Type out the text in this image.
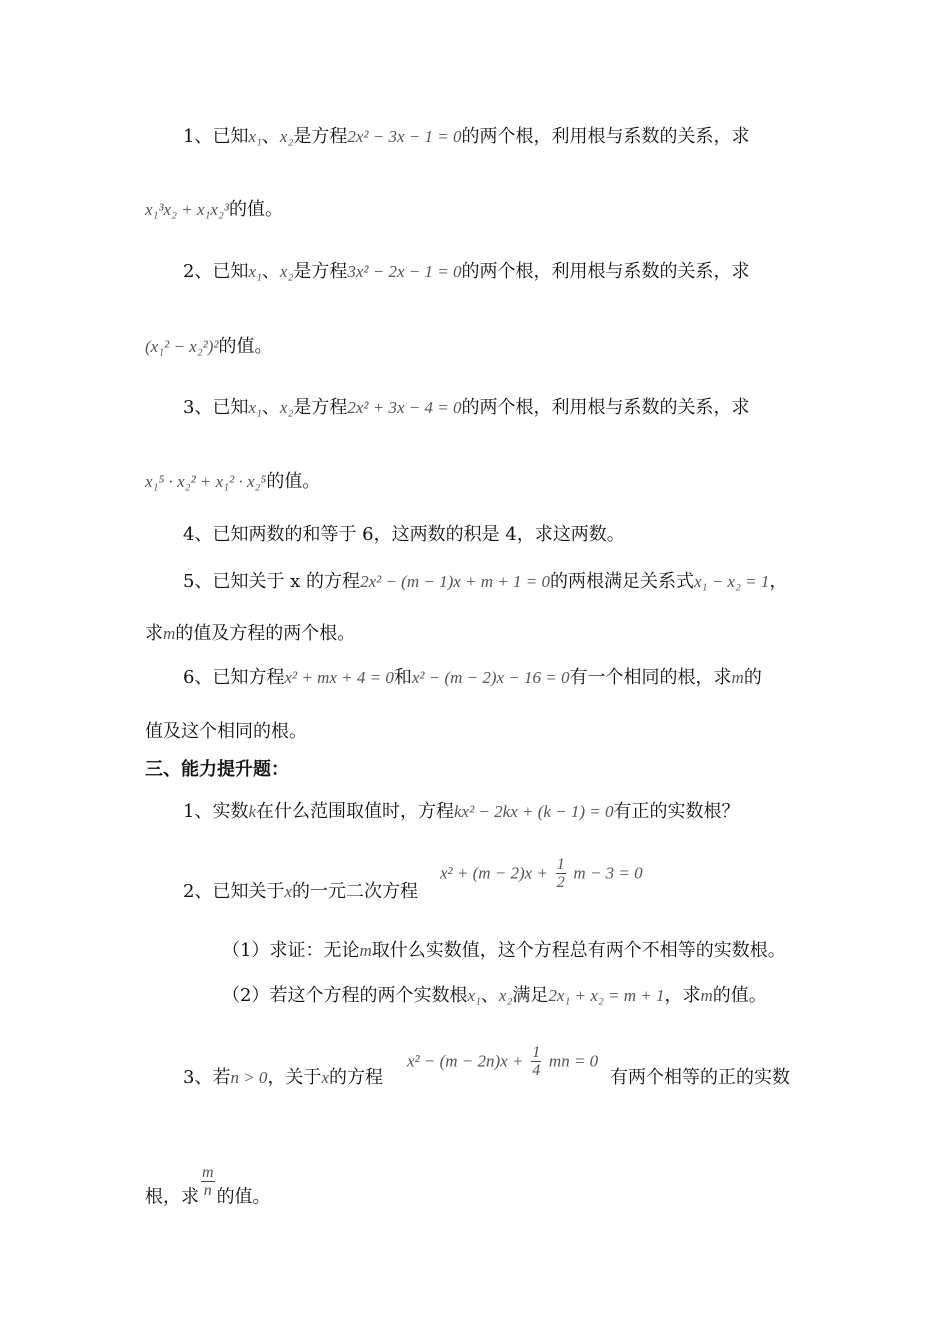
1、已知x₁、x₂是方程2x² − 3x − 1 = 0的两个根，利用根与系数的关系，求
x₁³x₂ + x₁x₂³的值。
2、已知x₁、x₂是方程3x² − 2x − 1 = 0的两个根，利用根与系数的关系，求
(x₁² − x₂²)²的值。
3、已知x₁、x₂是方程2x² + 3x − 4 = 0的两个根，利用根与系数的关系，求
x₁⁵ · x₂² + x₁² · x₂⁵的值。
4、已知两数的和等于 6，这两数的积是 4，求这两数。
5、已知关于 x 的方程2x² − (m − 1)x + m + 1 = 0的两根满足关系式x₁ − x₂ = 1，
求m的值及方程的两个根。
6、已知方程x² + mx + 4 = 0和x² − (m − 2)x − 16 = 0有一个相同的根，求m的
值及这个相同的根。
三、能力提升题：
1、实数k在什么范围取值时，方程kx² − 2kx + (k − 1) = 0有正的实数根？
2、已知关于x的一元二次方程
$x^2 + (m - 2)x + \frac{1}{2}$ m − 3 = 0
（1）求证：无论m取什么实数值，这个方程总有两个不相等的实数根。
（2）若这个方程的两个实数根x₁、x₂满足2x₁ + x₂ = m + 1，求m的值。
3、若n > 0，关于x的方程
$x^2 - (m - 2n)x + \frac{1}{4}$ mn = 0
有两个相等的正的实数
根，求 $\frac{m}{n}$ 的值。
